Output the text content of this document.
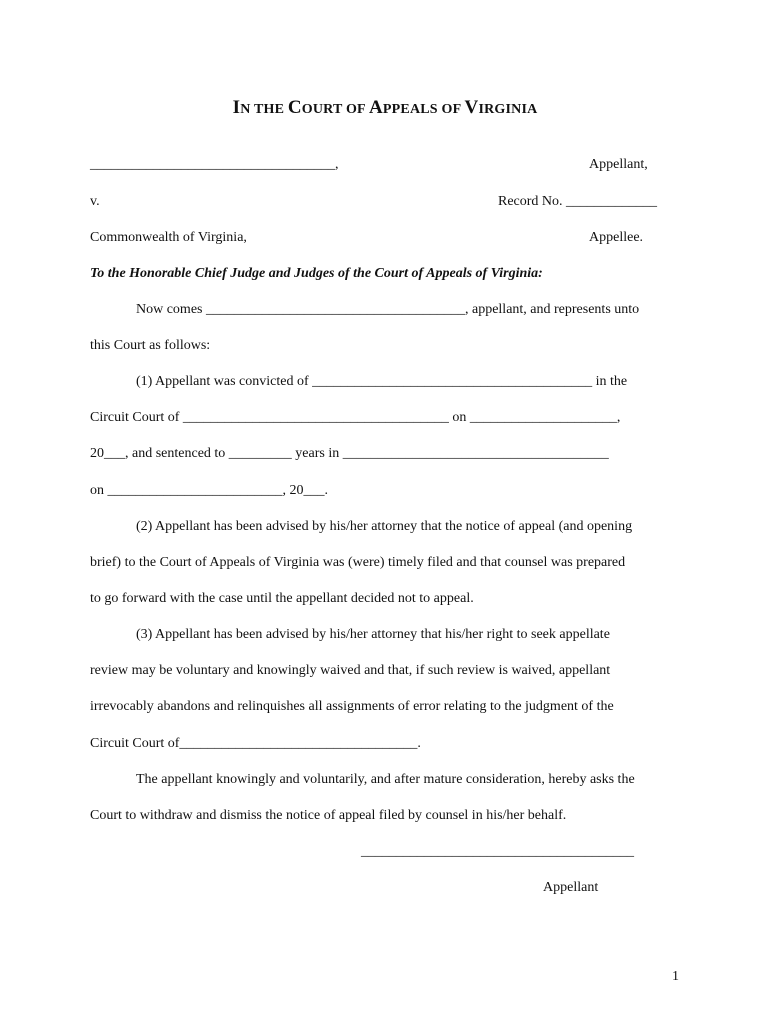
IN THE COURT OF APPEALS OF VIRGINIA
___________________________________,	Appellant,
v.	Record No. _____________
Commonwealth of Virginia,	Appellee.
To the Honorable Chief Judge and Judges of the Court of Appeals of Virginia:
Now comes _____________________________________, appellant, and represents unto
this Court as follows:
(1) Appellant was convicted of ________________________________________ in the
Circuit Court of ______________________________________ on _____________________,
20___, and sentenced to _________ years in ______________________________________
on _________________________, 20___.
(2) Appellant has been advised by his/her attorney that the notice of appeal (and opening
brief) to the Court of Appeals of Virginia was (were) timely filed and that counsel was prepared
to go forward with the case until the appellant decided not to appeal.
(3) Appellant has been advised by his/her attorney that his/her right to seek appellate
review may be voluntary and knowingly waived and that, if such review is waived, appellant
irrevocably abandons and relinquishes all assignments of error relating to the judgment of the
Circuit Court of__________________________________.
The appellant knowingly and voluntarily, and after mature consideration, hereby asks the
Court to withdraw and dismiss the notice of appeal filed by counsel in his/her behalf.
_______________________________________
Appellant
1
